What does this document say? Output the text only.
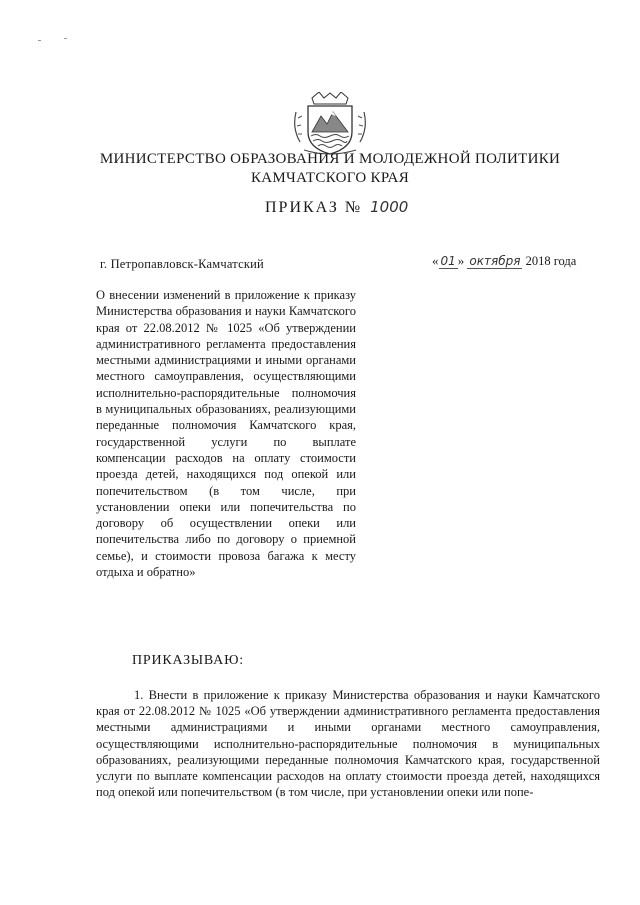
МИНИСТЕРСТВО ОБРАЗОВАНИЯ И МОЛОДЕЖНОЙ ПОЛИТИКИ
КАМЧАТСКОГО КРАЯ
ПРИКАЗ № 1000
г. Петропавловск-Камчатский	« 01 » октября 2018 года
О внесении изменений в приложение к приказу Министерства образования и науки Камчатского края от 22.08.2012 № 1025 «Об утверждении административного регламента предоставления местными администрациями и иными органами местного самоуправления, осуществляющими исполнительно-распорядительные полномочия в муниципальных образованиях, реализующими переданные полномочия Камчатского края, государственной услуги по выплате компенсации расходов на оплату стоимости проезда детей, находящихся под опекой или попечительством (в том числе, при установлении опеки или попечительства по договору об осуществлении опеки или попечительства либо по договору о приемной семье), и стоимости провоза багажа к месту отдыха и обратно»
ПРИКАЗЫВАЮ:
1. Внести в приложение к приказу Министерства образования и науки Камчатского края от 22.08.2012 № 1025 «Об утверждении административного регламента предоставления местными администрациями и иными органами местного самоуправления, осуществляющими исполнительно-распорядительные полномочия в муниципальных образованиях, реализующими переданные полномочия Камчатского края, государственной услуги по выплате компенсации расходов на оплату стоимости проезда детей, находящихся под опекой или попечительством (в том числе, при установлении опеки или попе-
